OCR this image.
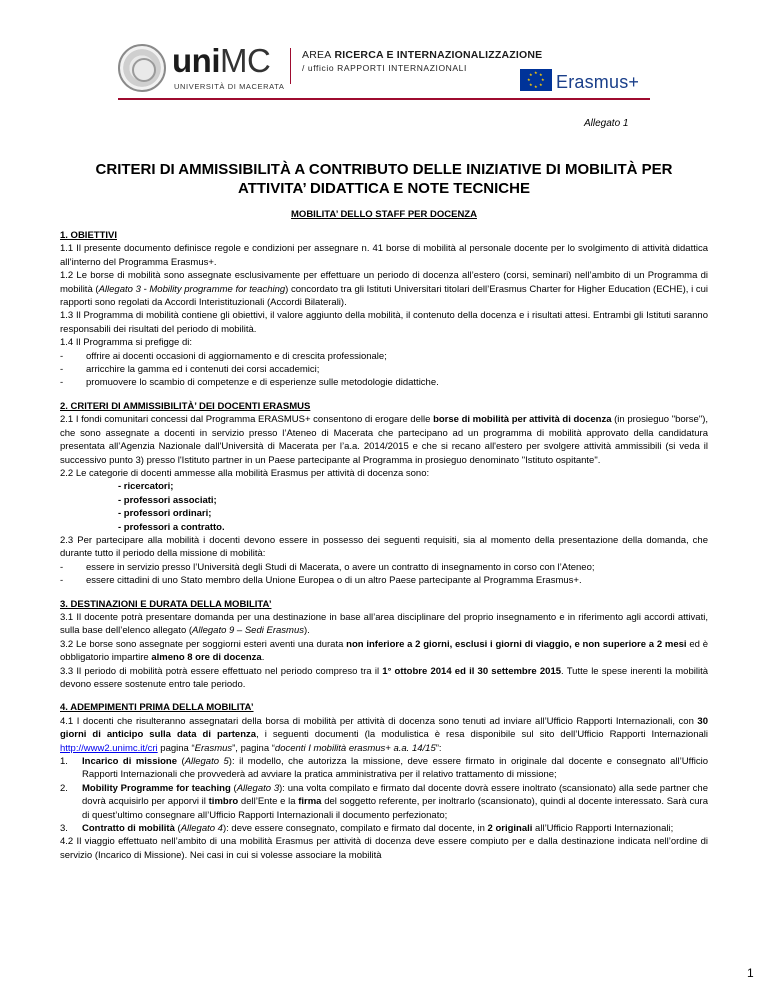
uniMC
UNIVERSITÀ DI MACERATA
AREA RICERCA E INTERNAZIONALIZZAZIONE
/ ufficio RAPPORTI INTERNAZIONALI	★ ★
★
★
★
★
★
★ Erasmus+
Allegato 1
CRITERI DI AMMISSIBILITÀ A CONTRIBUTO DELLE INIZIATIVE DI MOBILITÀ PER ATTIVITA’ DIDATTICA E NOTE TECNICHE
MOBILITA’ DELLO STAFF PER DOCENZA

1. OBIETTIVI

1.1 Il presente documento definisce regole e condizioni per assegnare n. 41 borse di mobilità al personale docente per lo svolgimento di attività didattica all’interno del Programma Erasmus+.

1.2 Le borse di mobilità sono assegnate esclusivamente per effettuare un periodo di docenza all’estero (corsi, seminari) nell’ambito di un Programma di mobilità (Allegato 3 - Mobility programme for teaching) concordato tra gli Istituti Universitari titolari dell’Erasmus Charter for Higher Education (ECHE), i cui rapporti sono regolati da Accordi Interistituzionali (Accordi Bilaterali).

1.3 Il Programma di mobilità contiene gli obiettivi, il valore aggiunto della mobilità, il contenuto della docenza e i risultati attesi. Entrambi gli Istituti saranno responsabili dei risultati del periodo di mobilità.

1.4 Il Programma si prefigge di:

-	offrire ai docenti occasioni di aggiornamento e di crescita professionale;
-	arricchire la gamma ed i contenuti dei corsi accademici;
-	promuovere lo scambio di competenze e di esperienze sulle metodologie didattiche.

2. CRITERI DI AMMISSIBILITÀ’ DEI DOCENTI ERASMUS

2.1 I fondi comunitari concessi dal Programma ERASMUS+ consentono di erogare delle borse di mobilità per attività di docenza (in prosieguo "borse"), che sono assegnate a docenti in servizio presso l’Ateneo di Macerata che partecipano ad un programma di mobilità approvato della candidatura presentata all’Agenzia Nazionale dall'Università di Macerata per l’a.a. 2014/2015 e che si recano all'estero per svolgere attività ammissibili (si veda il successivo punto 3) presso l'Istituto partner in un Paese partecipante al Programma in prosieguo denominato "Istituto ospitante".

2.2 Le categorie di docenti ammesse alla mobilità Erasmus per attività di docenza sono:

- ricercatori;
- professori associati;
- professori ordinari;
- professori a contratto.

2.3 Per partecipare alla mobilità i docenti devono essere in possesso dei seguenti requisiti, sia al momento della presentazione della domanda, che durante tutto il periodo della missione di mobilità:

-	essere in servizio presso l’Università degli Studi di Macerata, o avere un contratto di insegnamento in corso con l’Ateneo;
-	essere cittadini di uno Stato membro della Unione Europea o di un altro Paese partecipante al Programma Erasmus+.

3. DESTINAZIONI E DURATA DELLA MOBILITA’

3.1 Il docente potrà presentare domanda per una destinazione in base all’area disciplinare del proprio insegnamento e in riferimento agli accordi attivati, sulla base dell’elenco allegato (Allegato 9 – Sedi Erasmus).

3.2 Le borse sono assegnate per soggiorni esteri aventi una durata non inferiore a 2 giorni, esclusi i giorni di viaggio, e non superiore a 2 mesi ed è obbligatorio impartire almeno 8 ore di docenza.

3.3 Il periodo di mobilità potrà essere effettuato nel periodo compreso tra il 1° ottobre 2014 ed il 30 settembre 2015. Tutte le spese inerenti la mobilità devono essere sostenute entro tale periodo.

4. ADEMPIMENTI PRIMA DELLA MOBILITA’

4.1 I docenti che risulteranno assegnatari della borsa di mobilità per attività di docenza sono tenuti ad inviare all’Ufficio Rapporti Internazionali, con 30 giorni di anticipo sulla data di partenza, i seguenti documenti (la modulistica è resa disponibile sul sito dell’Ufficio Rapporti Internazionali http://www2.unimc.it/cri pagina “Erasmus”, pagina “docenti I mobilità erasmus+ a.a. 14/15”:

1.	Incarico di missione (Allegato 5): il modello, che autorizza la missione, deve essere firmato in originale dal docente e consegnato all’Ufficio Rapporti Internazionali che provvederà ad avviare la pratica amministrativa per il relativo trattamento di missione;
2.	Mobility Programme for teaching (Allegato 3): una volta compilato e firmato dal docente dovrà essere inoltrato (scansionato) alla sede partner che dovrà acquisirlo per apporvi il timbro dell’Ente e la firma del soggetto referente, per inoltrarlo (scansionato), quindi al docente interessato. Sarà cura di quest’ultimo consegnare all’Ufficio Rapporti Internazionali il documento perfezionato;
3.	Contratto di mobilità (Allegato 4): deve essere consegnato, compilato e firmato dal docente, in 2 originali all’Ufficio Rapporti Internazionali;

4.2 Il viaggio effettuato nell’ambito di una mobilità Erasmus per attività di docenza deve essere compiuto per e dalla destinazione indicata nell’ordine di servizio (Incarico di Missione). Nei casi in cui si volesse associare la mobilità

1
